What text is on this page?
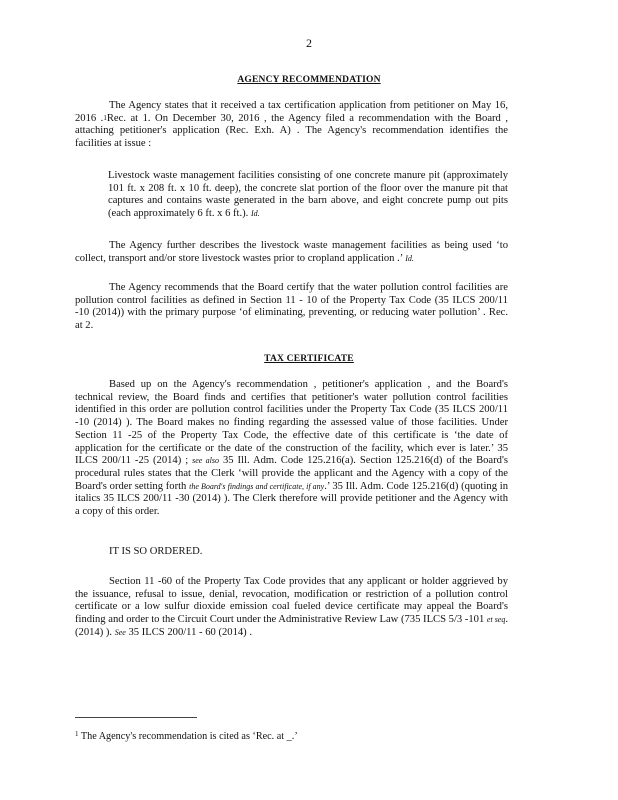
2
AGENCY RECOMMENDATION
The Agency states that it received a tax certification application from petitioner on May 16, 2016 .$^1$Rec. at 1. On December 30, 2016 , the Agency filed a recommendation with the Board , attaching petitioner's application (Rec. Exh. A) . The Agency's recommendation identifies the facilities at issue :
Livestock waste management facilities consisting of one concrete manure pit (approximately 101 ft. x 208 ft. x 10 ft. deep), the concrete slat portion of the floor over the manure pit that captures and contains waste generated in the barn above, and eight concrete pump out pits (each approximately 6 ft. x 6 ft.). Id.
The Agency further describes the livestock waste management facilities as being used ‘to collect, transport and/or store livestock wastes prior to cropland application .’ Id.
The Agency recommends that the Board certify that the water pollution control facilities are pollution control facilities as defined in Section 11 - 10 of the Property Tax Code (35 ILCS 200/11 -10 (2014)) with the primary purpose ‘of eliminating, preventing, or reducing water pollution’ . Rec. at 2.
TAX CERTIFICATE
Based up on the Agency's recommendation , petitioner's application , and the Board's technical review, the Board finds and certifies that petitioner's water pollution control facilities identified in this order are pollution control facilities under the Property Tax Code (35 ILCS 200/11 -10 (2014) ). The Board makes no finding regarding the assessed value of those facilities. Under Section 11 -25 of the Property Tax Code, the effective date of this certificate is ‘the date of application for the certificate or the date of the construction of the facility, which ever is later.’ 35 ILCS 200/11 -25 (2014) ; see also 35 Ill. Adm. Code 125.216(a). Section 125.216(d) of the Board's procedural rules states that the Clerk ‘will provide the applicant and the Agency with a copy of the Board's order setting forth the Board's findings and certificate, if any.’ 35 Ill. Adm. Code 125.216(d) (quoting in italics 35 ILCS 200/11 -30 (2014) ). The Clerk therefore will provide petitioner and the Agency with a copy of this order.
IT IS SO ORDERED.
Section 11 -60 of the Property Tax Code provides that any applicant or holder aggrieved by the issuance, refusal to issue, denial, revocation, modification or restriction of a pollution control certificate or a low sulfur dioxide emission coal fueled device certificate may appeal the Board's finding and order to the Circuit Court under the Administrative Review Law (735 ILCS 5/3 -101 et seq. (2014) ). See 35 ILCS 200/11 - 60 (2014) .
$^1$ The Agency's recommendation is cited as ‘Rec. at _.’
